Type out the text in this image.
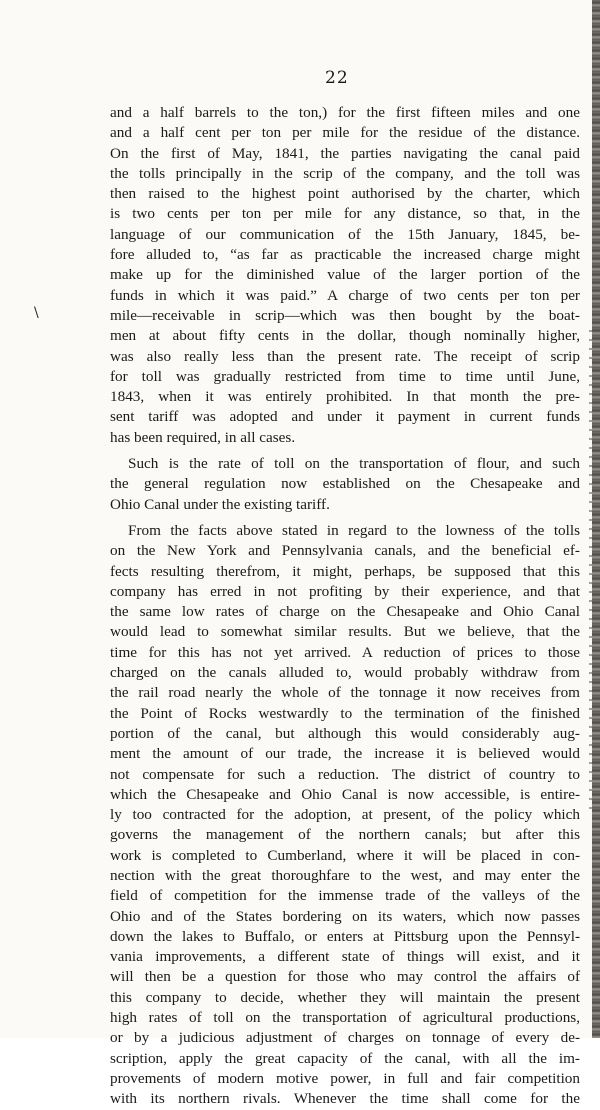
22
\
and a half barrels to the ton,) for the first fifteen miles and one
and a half cent per ton per mile for the residue of the distance.
On the first of May, 1841, the parties navigating the canal paid
the tolls principally in the scrip of the company, and the toll was
then raised to the highest point authorised by the charter, which
is two cents per ton per mile for any distance, so that, in the
language of our communication of the 15th January, 1845, be-
fore alluded to, “as far as practicable the increased charge might
make up for the diminished value of the larger portion of the
funds in which it was paid.” A charge of two cents per ton per
mile—receivable in scrip—which was then bought by the boat-
men at about fifty cents in the dollar, though nominally higher,
was also really less than the present rate. The receipt of scrip
for toll was gradually restricted from time to time until June,
1843, when it was entirely prohibited. In that month the pre-
sent tariff was adopted and under it payment in current funds
has been required, in all cases.
Such is the rate of toll on the transportation of flour, and such
the general regulation now established on the Chesapeake and
Ohio Canal under the existing tariff.
From the facts above stated in regard to the lowness of the tolls
on the New York and Pennsylvania canals, and the beneficial ef-
fects resulting therefrom, it might, perhaps, be supposed that this
company has erred in not profiting by their experience, and that
the same low rates of charge on the Chesapeake and Ohio Canal
would lead to somewhat similar results. But we believe, that the
time for this has not yet arrived. A reduction of prices to those
charged on the canals alluded to, would probably withdraw from
the rail road nearly the whole of the tonnage it now receives from
the Point of Rocks westwardly to the termination of the finished
portion of the canal, but although this would considerably aug-
ment the amount of our trade, the increase it is believed would
not compensate for such a reduction. The district of country to
which the Chesapeake and Ohio Canal is now accessible, is entire-
ly too contracted for the adoption, at present, of the policy which
governs the management of the northern canals; but after this
work is completed to Cumberland, where it will be placed in con-
nection with the great thoroughfare to the west, and may enter the
field of competition for the immense trade of the valleys of the
Ohio and of the States bordering on its waters, which now passes
down the lakes to Buffalo, or enters at Pittsburg upon the Pennsyl-
vania improvements, a different state of things will exist, and it
will then be a question for those who may control the affairs of
this company to decide, whether they will maintain the present
high rates of toll on the transportation of agricultural productions,
or by a judicious adjustment of charges on tonnage of every de-
scription, apply the great capacity of the canal, with all the im-
provements of modern motive power, in full and fair competition
with its northern rivals. Whenever the time shall come for the
